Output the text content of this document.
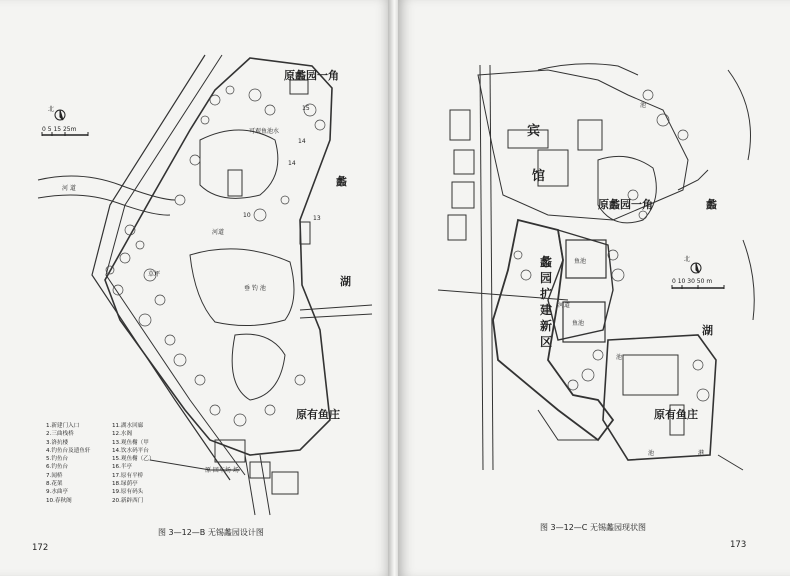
北
0 5 15 25m
原蠡园一角
可观鱼池水
河 道
河道
蠡
湖
草坪
垂 钓 池
原有鱼庄
原 回车场 场
13
14
14
15
10
1.新建门入口
2.三曲栈桥
3.洛抗楼
4.钓鱼台及遗鱼轩
5.钓鱼台
6.钓鱼台
7.闻桥
8.花架
9.水曲亭
10.春秋阁
11.湖水回廊
12.水阁
13.观鱼榭（甲
14.饮水码平台
15.观鱼榭（乙）
16.半亭
17.原有平桥
18.绿荫亭
19.原有码头
20.新辟西门
图 3—12—B 无锡蠡园设计图
172
宾
馆
原蠡园一角	蠡
湖
北
0 10 30 50 m
蠡
园
扩
建
新
区
鱼池
鱼池
原有鱼庄
河道
池
港
池
池
图 3—12—C 无锡蠡园现状图
173
